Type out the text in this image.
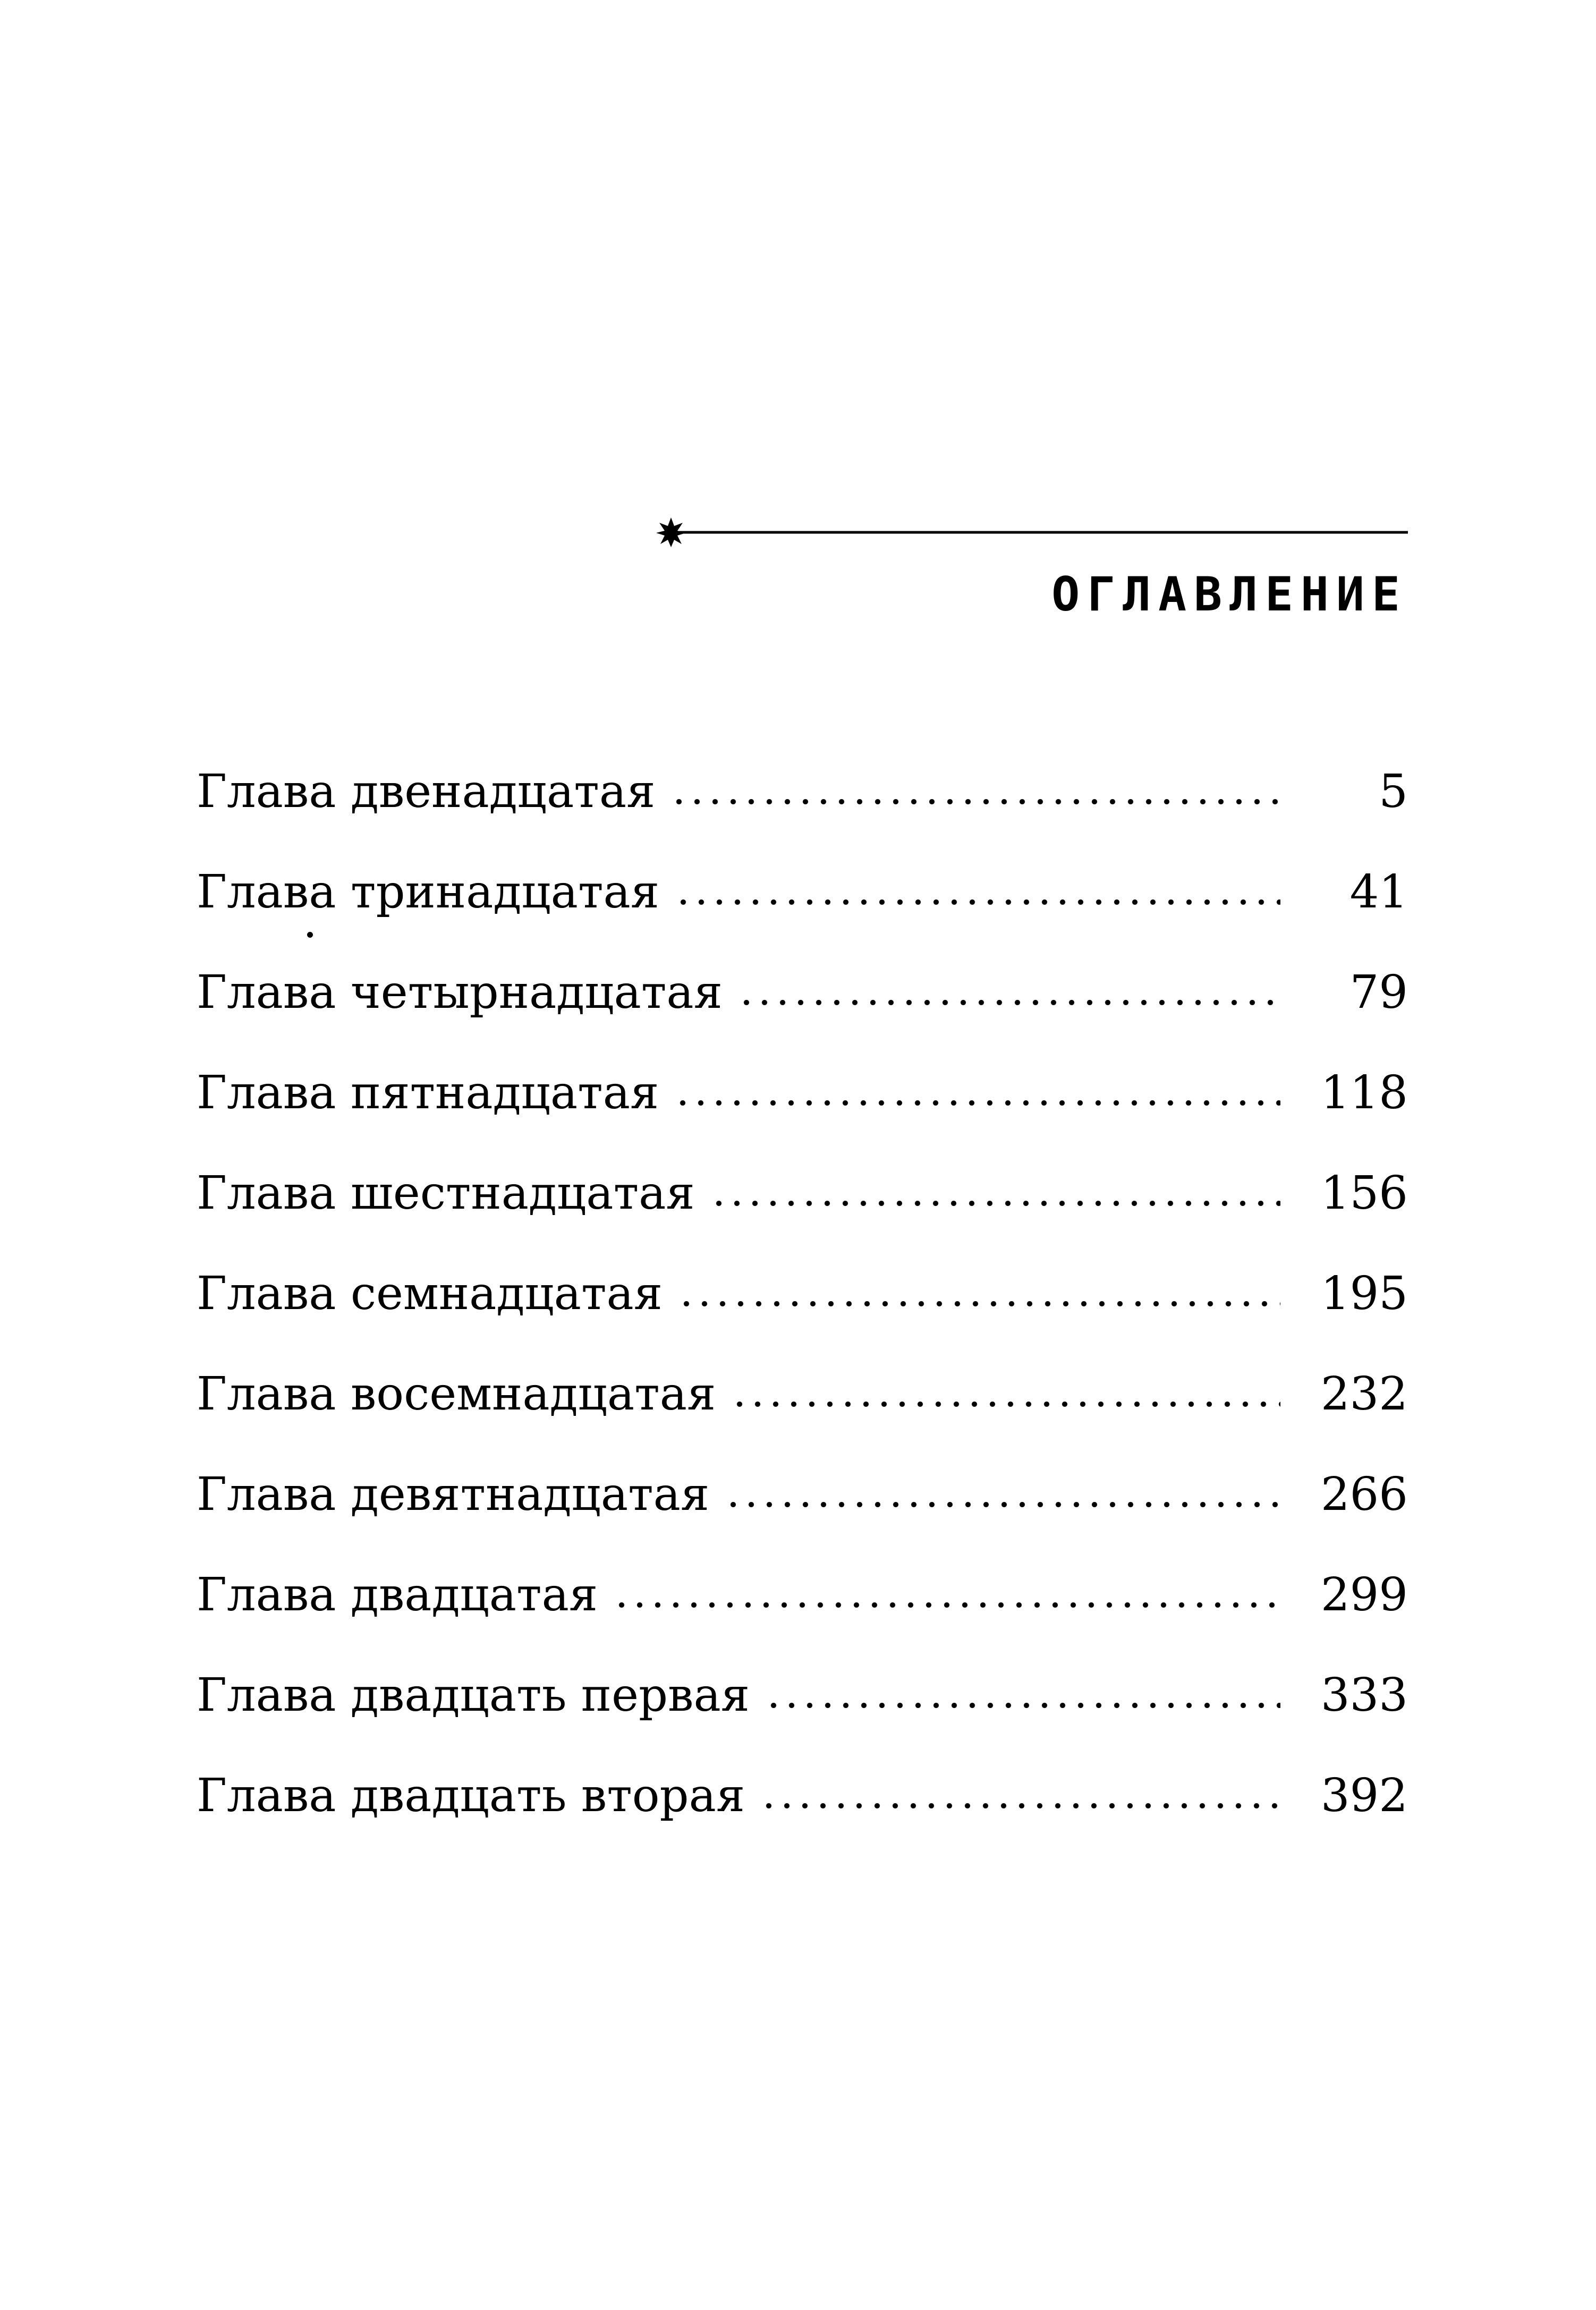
ОГЛАВЛЕНИЕ
Глава двенадцатая	5
Глава тринадцатая	41
Глава четырнадцатая	79
Глава пятнадцатая	118
Глава шестнадцатая	156
Глава семнадцатая	195
Глава восемнадцатая	232
Глава девятнадцатая	266
Глава двадцатая	299
Глава двадцать первая	333
Глава двадцать вторая	392
